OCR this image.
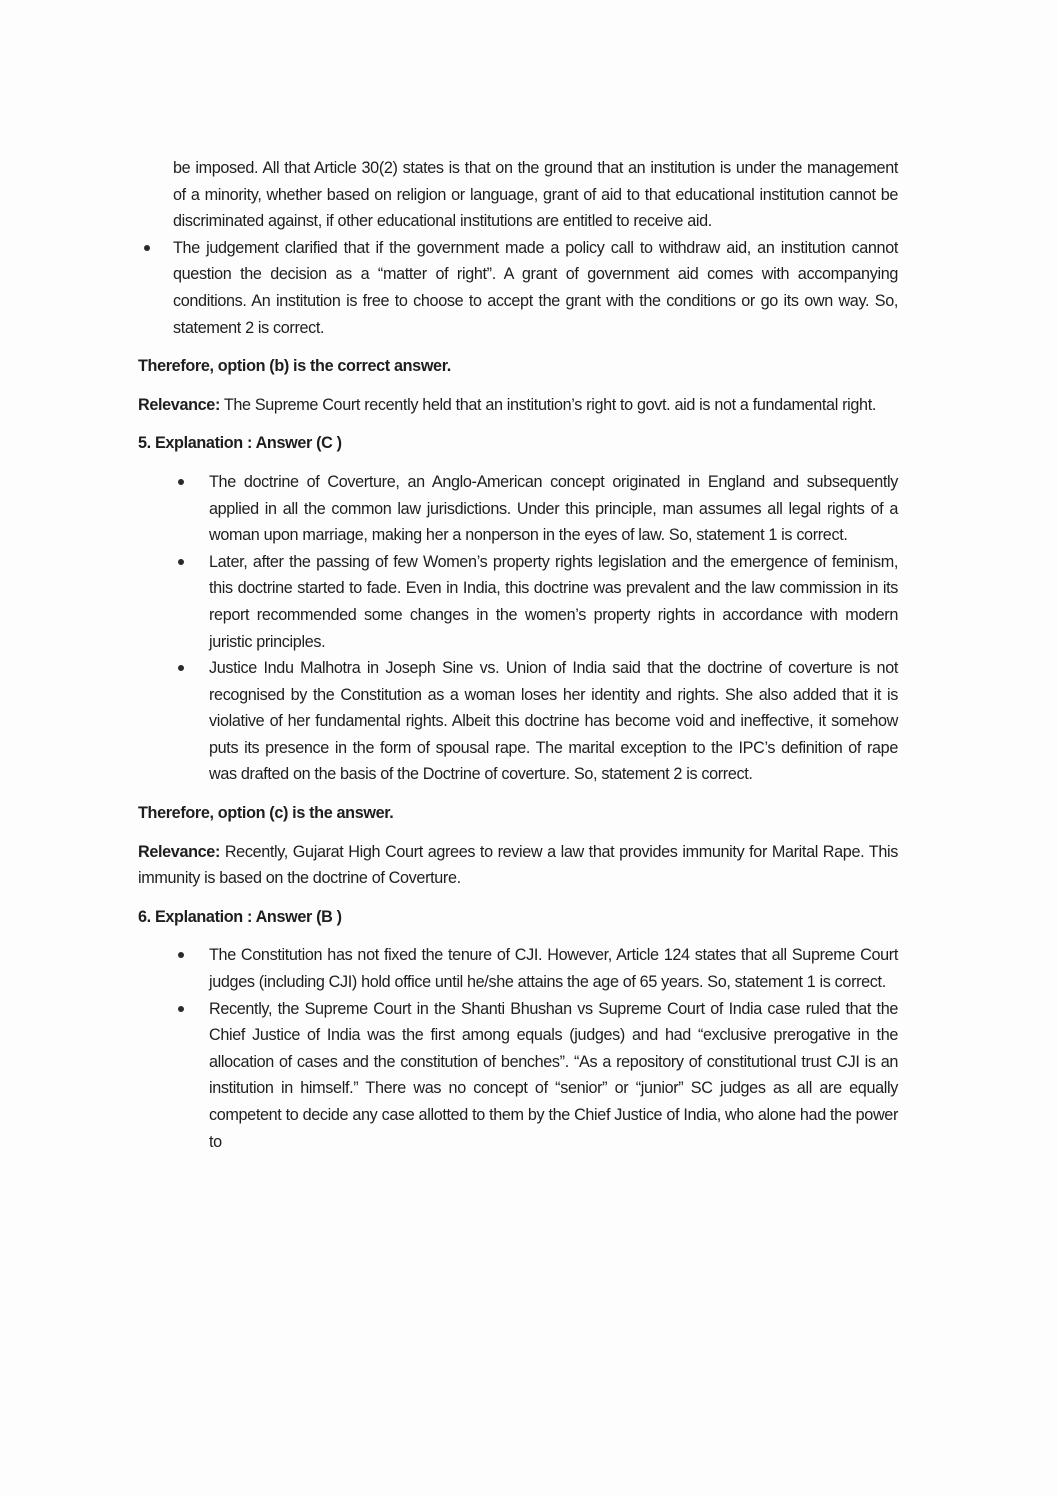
be imposed. All that Article 30(2) states is that on the ground that an institution is under the management of a minority, whether based on religion or language, grant of aid to that educational institution cannot be discriminated against, if other educational institutions are entitled to receive aid.

The judgement clarified that if the government made a policy call to withdraw aid, an institution cannot question the decision as a “matter of right”. A grant of government aid comes with accompanying conditions. An institution is free to choose to accept the grant with the conditions or go its own way. So, statement 2 is correct.

Therefore, option (b) is the correct answer.

Relevance: The Supreme Court recently held that an institution’s right to govt. aid is not a fundamental right.

5. Explanation : Answer (C )

The doctrine of Coverture, an Anglo-American concept originated in England and subsequently applied in all the common law jurisdictions. Under this principle, man assumes all legal rights of a woman upon marriage, making her a nonperson in the eyes of law. So, statement 1 is correct.
Later, after the passing of few Women’s property rights legislation and the emergence of feminism, this doctrine started to fade. Even in India, this doctrine was prevalent and the law commission in its report recommended some changes in the women’s property rights in accordance with modern juristic principles.
Justice Indu Malhotra in Joseph Sine vs. Union of India said that the doctrine of coverture is not recognised by the Constitution as a woman loses her identity and rights. She also added that it is violative of her fundamental rights. Albeit this doctrine has become void and ineffective, it somehow puts its presence in the form of spousal rape. The marital exception to the IPC’s definition of rape was drafted on the basis of the Doctrine of coverture. So, statement 2 is correct.

Therefore, option (c) is the answer.

Relevance: Recently, Gujarat High Court agrees to review a law that provides immunity for Marital Rape. This immunity is based on the doctrine of Coverture.

6. Explanation : Answer (B )

The Constitution has not fixed the tenure of CJI. However, Article 124 states that all Supreme Court judges (including CJI) hold office until he/she attains the age of 65 years. So, statement 1 is correct.
Recently, the Supreme Court in the Shanti Bhushan vs Supreme Court of India case ruled that the Chief Justice of India was the first among equals (judges) and had “exclusive prerogative in the allocation of cases and the constitution of benches”. “As a repository of constitutional trust CJI is an institution in himself.” There was no concept of “senior” or “junior” SC judges as all are equally competent to decide any case allotted to them by the Chief Justice of India, who alone had the power to
